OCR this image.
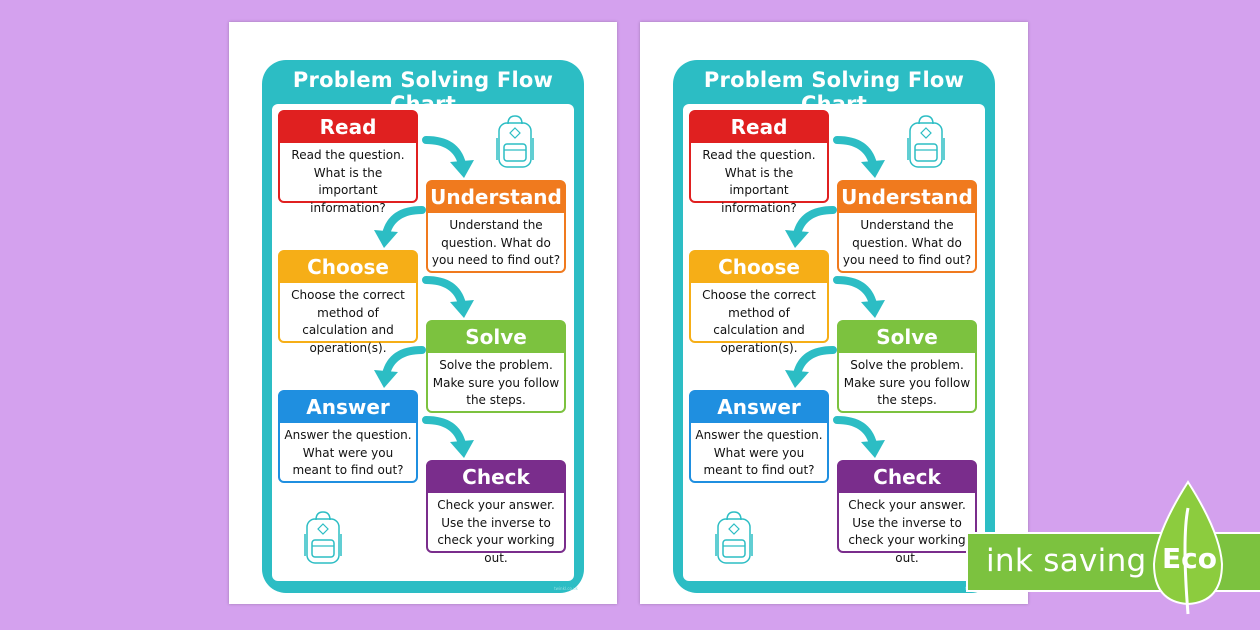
Problem Solving Flow
Read
Read the question. What is the important information?	Understand
Understand the question. What do you need to find out?
Choose
Choose the correct method of calculation and operation(s).	Solve
Solve the problem. Make sure you follow the steps.
Answer
Answer the question. What were you meant to find out?	Check
Check your answer. Use the inverse to check your working out.
twinkl.co.uk
Problem Solving Flow
Read
Read the question. What is the important information?	Understand
Understand the question. What do you need to find out?
Choose
Choose the correct method of calculation and operation(s).	Solve
Solve the problem. Make sure you follow the steps.
Answer
Answer the question. What were you meant to find out?	Check
Check your answer. Use the inverse to check your working out.	ink saving Eco
